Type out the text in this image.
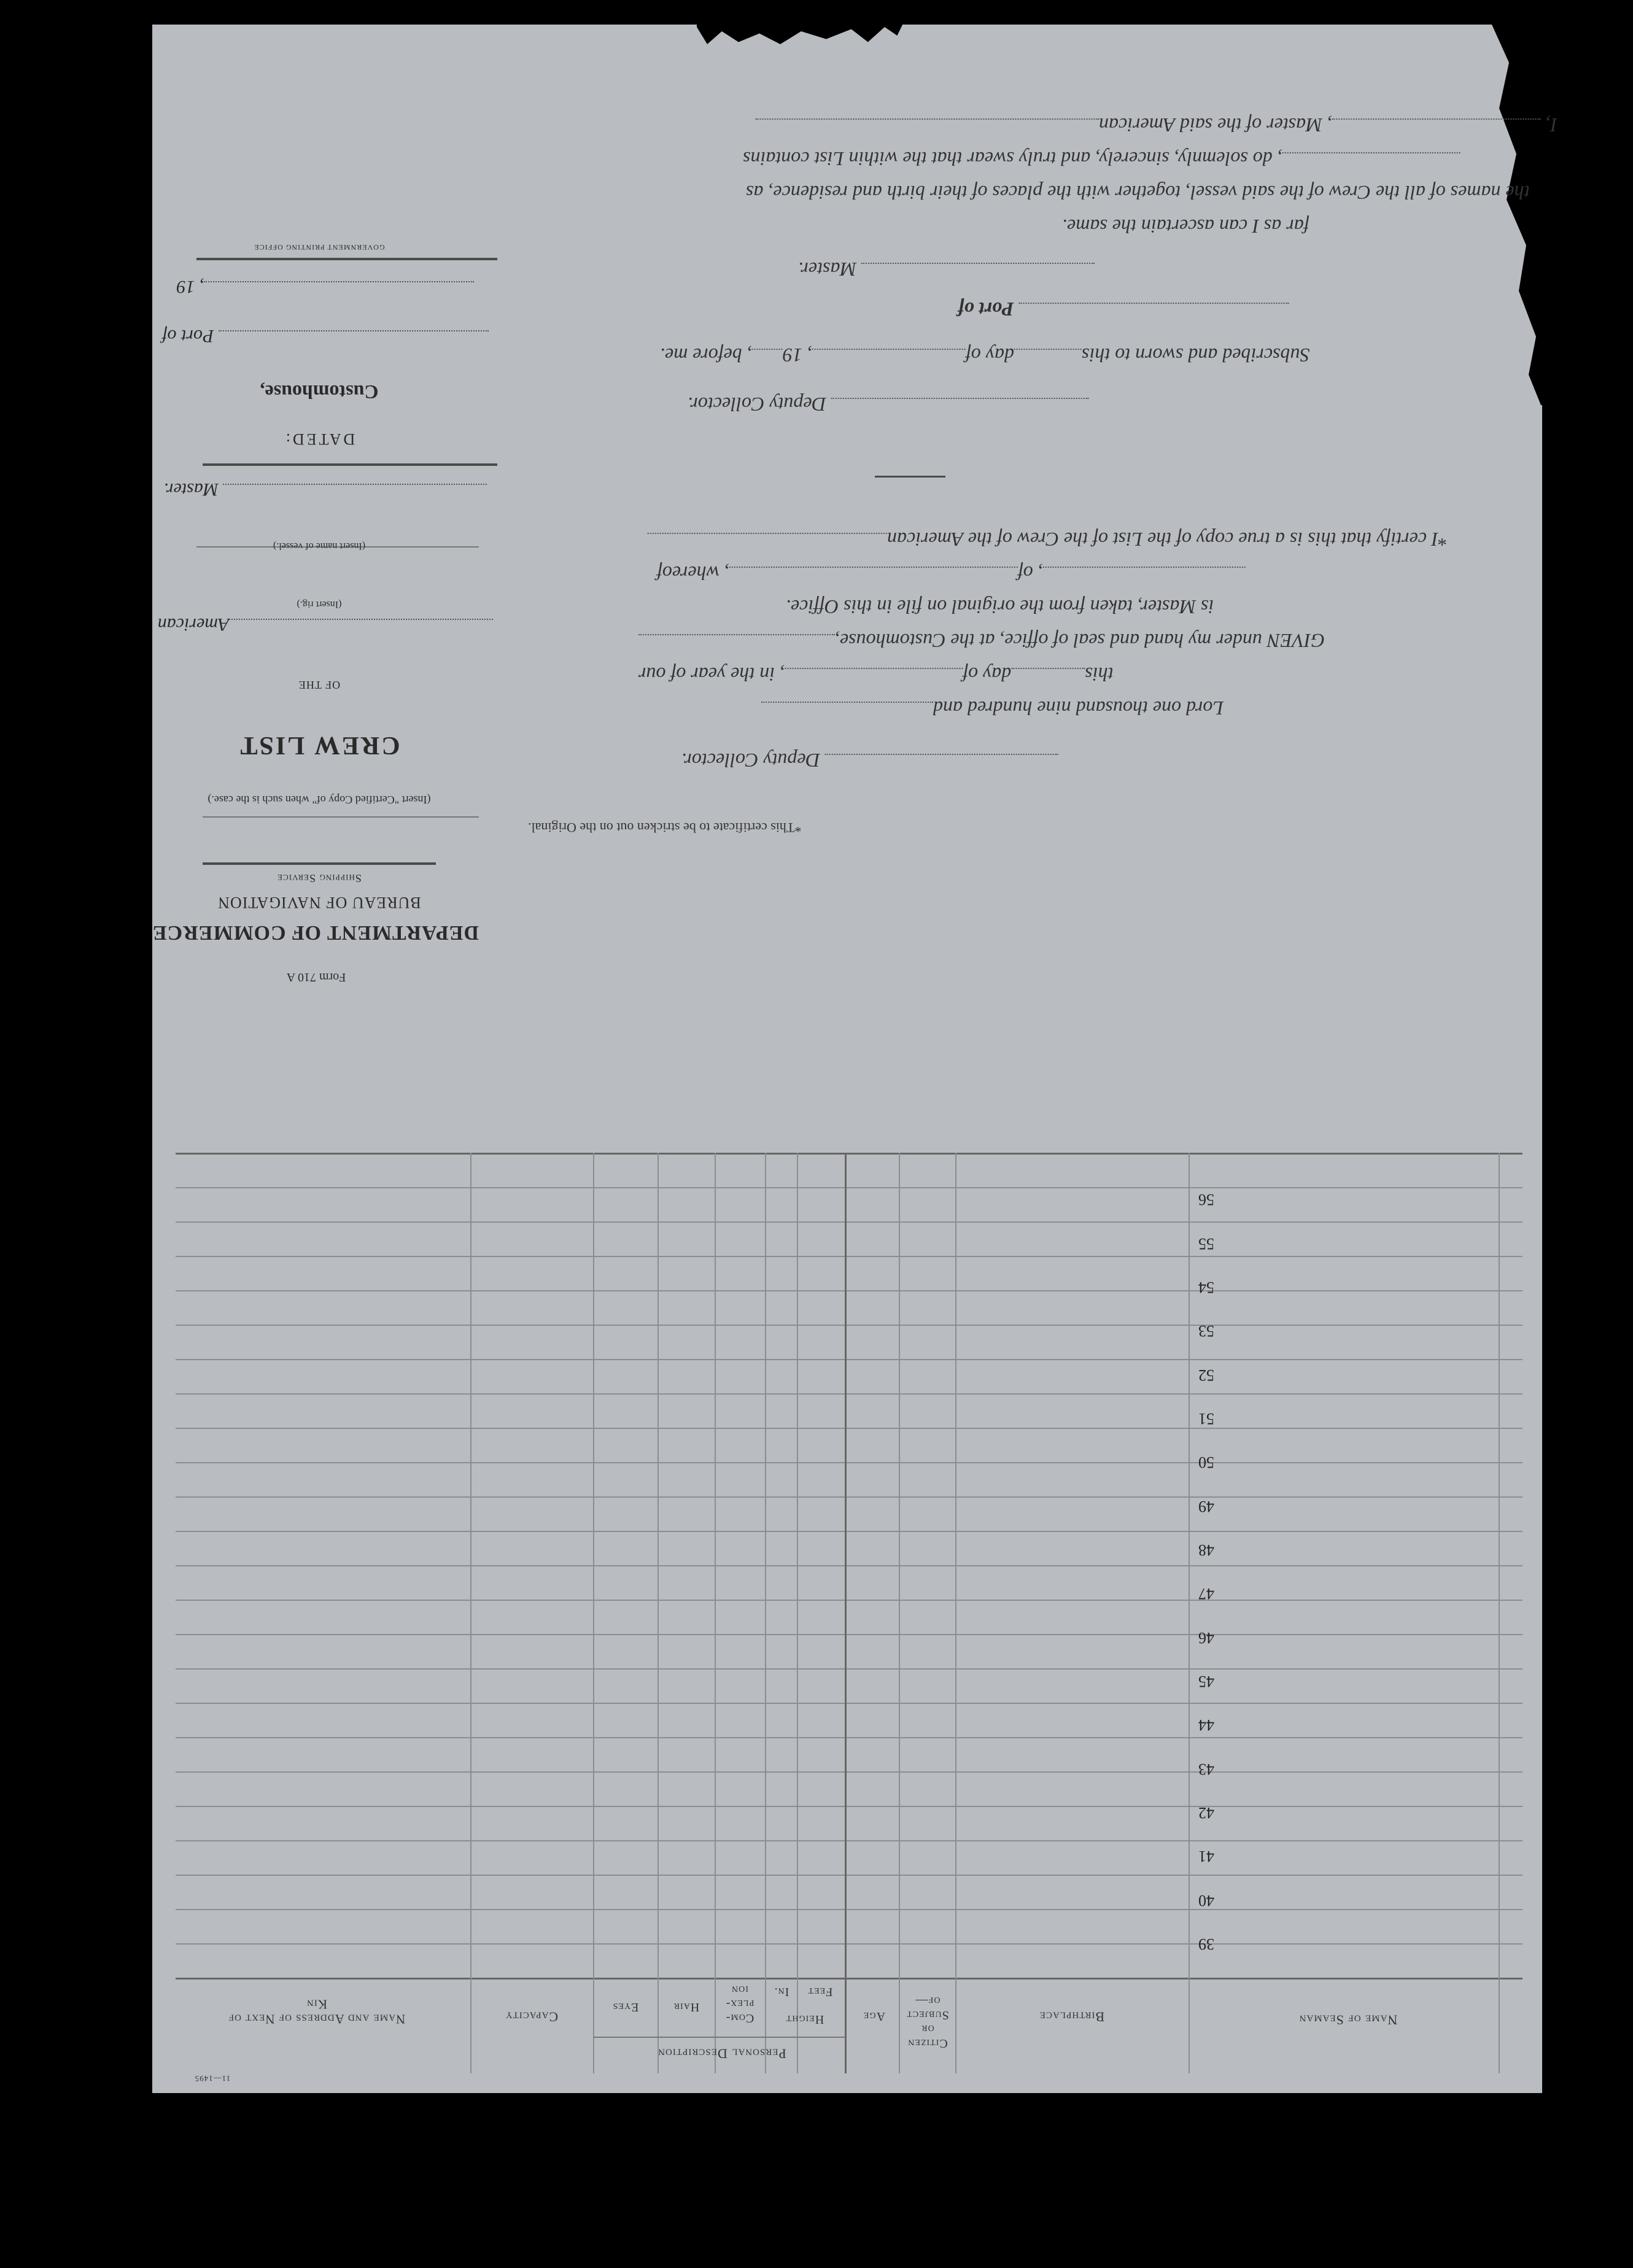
I, , Master of the said American
, do solemnly, sincerely, and truly swear that the within List contains
the names of all the Crew of the said vessel, together with the places of their birth and residence, as
far as I can ascertain the same.
Master.
Port of
Subscribed and sworn to thisday of, 19, before me.
Deputy Collector.
*I certify that this is a true copy of the List of the Crew of the American
, of, whereof
is Master, taken from the original on file in this Office.
GIVEN under my hand and seal of office, at the Customhouse,
thisday of, in the year of our
Lord one thousand nine hundred and
Deputy Collector.
*This certificate to be stricken out on the Original.
Form 710 A
DEPARTMENT OF COMMERCE
BUREAU OF NAVIGATION
Shipping Service
(Insert "Certified Copy of" when such is the case.)
CREW LIST
OF THE
American
(Insert rig.)
(Insert name of vessel.)
Master.
DATED:
Customhouse,
Port of
, 19
GOVERNMENT PRINTING OFFICE
39
40
41
42
43
44
45
46
47
48
49
50
51
52
53
54
55
56
Name of Seaman
Birthplace
Citizen or Subject of—
Age
Personal Description
Height
Feet
In.
Com- plex- ion
Hair
Eyes
Capacity
Name and Address of Next of Kin
11—1495
